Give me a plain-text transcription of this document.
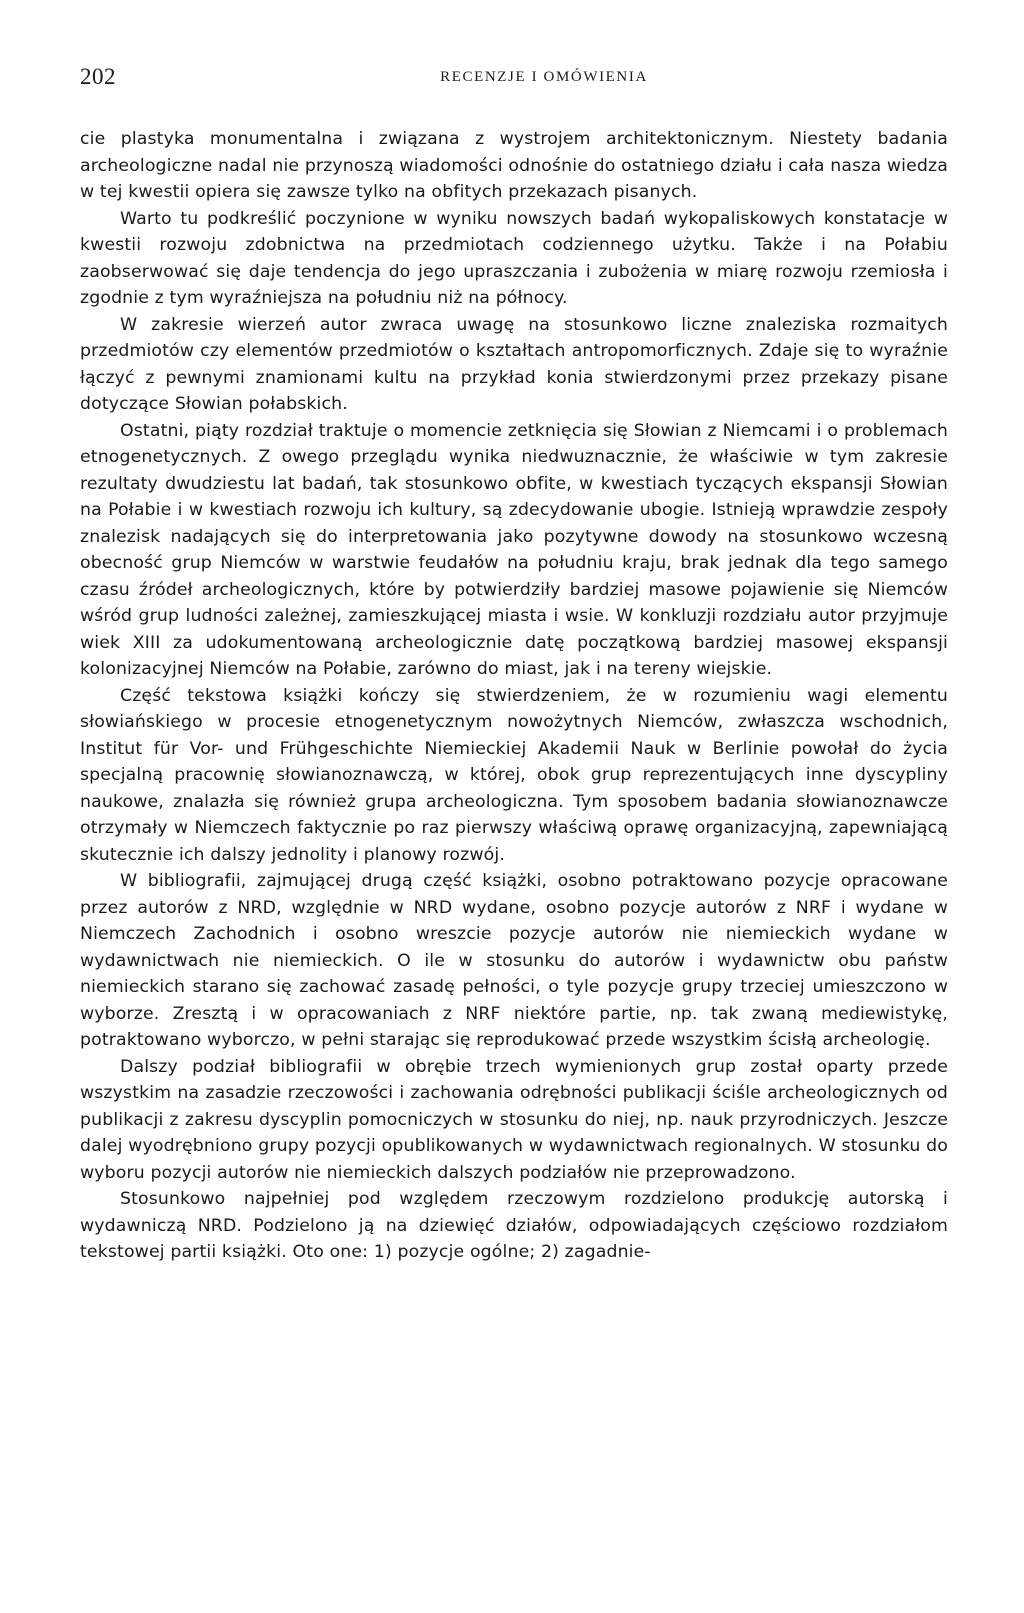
202	RECENZJE I OMÓWIENIA

cie plastyka monumentalna i związana z wystrojem architektonicznym. Niestety badania archeologiczne nadal nie przynoszą wiadomości odnośnie do ostatniego działu i cała nasza wiedza w tej kwestii opiera się zawsze tylko na obfitych przekazach pisanych.

Warto tu podkreślić poczynione w wyniku nowszych badań wykopaliskowych konstatacje w kwestii rozwoju zdobnictwa na przedmiotach codziennego użytku. Także i na Połabiu zaobserwować się daje tendencja do jego upraszczania i zubożenia w miarę rozwoju rzemiosła i zgodnie z tym wyraźniejsza na południu niż na północy.

W zakresie wierzeń autor zwraca uwagę na stosunkowo liczne znaleziska rozmaitych przedmiotów czy elementów przedmiotów o kształtach antropomorficznych. Zdaje się to wyraźnie łączyć z pewnymi znamionami kultu na przykład konia stwierdzonymi przez przekazy pisane dotyczące Słowian połabskich.

Ostatni, piąty rozdział traktuje o momencie zetknięcia się Słowian z Niemcami i o problemach etnogenetycznych. Z owego przeglądu wynika niedwuznacznie, że właściwie w tym zakresie rezultaty dwudziestu lat badań, tak stosunkowo obfite, w kwestiach tyczących ekspansji Słowian na Połabie i w kwestiach rozwoju ich kultury, są zdecydowanie ubogie. Istnieją wprawdzie zespoły znalezisk nadających się do interpretowania jako pozytywne dowody na stosunkowo wczesną obecność grup Niemców w warstwie feudałów na południu kraju, brak jednak dla tego samego czasu źródeł archeologicznych, które by potwierdziły bardziej masowe pojawienie się Niemców wśród grup ludności zależnej, zamieszkującej miasta i wsie. W konkluzji rozdziału autor przyjmuje wiek XIII za udokumentowaną archeologicznie datę początkową bardziej masowej ekspansji kolonizacyjnej Niemców na Połabie, zarówno do miast, jak i na tereny wiejskie.

Część tekstowa książki kończy się stwierdzeniem, że w rozumieniu wagi elementu słowiańskiego w procesie etnogenetycznym nowożytnych Niemców, zwłaszcza wschodnich, Institut für Vor- und Frühgeschichte Niemieckiej Akademii Nauk w Berlinie powołał do życia specjalną pracownię słowianoznawczą, w której, obok grup reprezentujących inne dyscypliny naukowe, znalazła się również grupa archeologiczna. Tym sposobem badania słowianoznawcze otrzymały w Niemczech faktycznie po raz pierwszy właściwą oprawę organizacyjną, zapewniającą skutecznie ich dalszy jednolity i planowy rozwój.

W bibliografii, zajmującej drugą część książki, osobno potraktowano pozycje opracowane przez autorów z NRD, względnie w NRD wydane, osobno pozycje autorów z NRF i wydane w Niemczech Zachodnich i osobno wreszcie pozycje autorów nie niemieckich wydane w wydawnictwach nie niemieckich. O ile w stosunku do autorów i wydawnictw obu państw niemieckich starano się zachować zasadę pełności, o tyle pozycje grupy trzeciej umieszczono w wyborze. Zresztą i w opracowaniach z NRF niektóre partie, np. tak zwaną mediewistykę, potraktowano wyborczo, w pełni starając się reprodukować przede wszystkim ścisłą archeologię.

Dalszy podział bibliografii w obrębie trzech wymienionych grup został oparty przede wszystkim na zasadzie rzeczowości i zachowania odrębności publikacji ściśle archeologicznych od publikacji z zakresu dyscyplin pomocniczych w stosunku do niej, np. nauk przyrodniczych. Jeszcze dalej wyodrębniono grupy pozycji opublikowanych w wydawnictwach regionalnych. W stosunku do wyboru pozycji autorów nie niemieckich dalszych podziałów nie przeprowadzono.

Stosunkowo najpełniej pod względem rzeczowym rozdzielono produkcję autorską i wydawniczą NRD. Podzielono ją na dziewięć działów, odpowiadających częściowo rozdziałom tekstowej partii książki. Oto one: 1) pozycje ogólne; 2) zagadnie-
